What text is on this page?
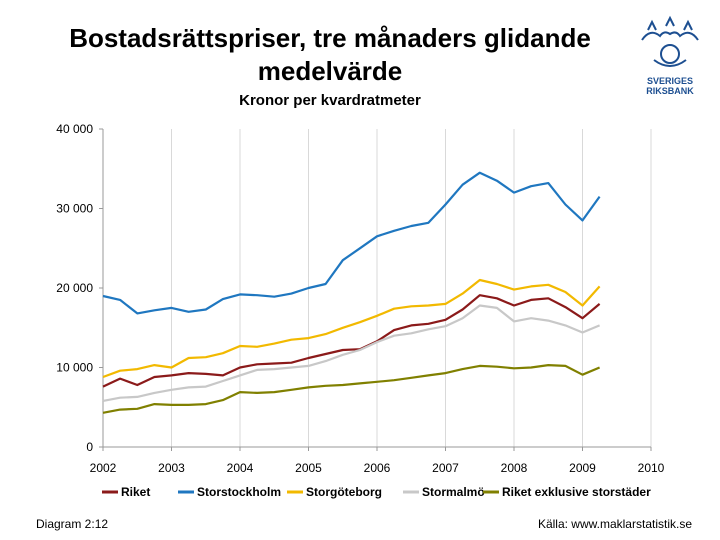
Bostadsrättspriser, tre månaders glidande medelvärde
Kronor per kvardratmeter
SVERIGES
RIKSBANK
0
10 000
20 000
30 000
40 000
2002	2003	2004	2005	2006	2007	2008	2009	2010
Riket	Storstockholm Storgöteborg	Stormalmö Riket exklusive storstäder
Diagram 2:12	Källa: www.maklarstatistik.se
